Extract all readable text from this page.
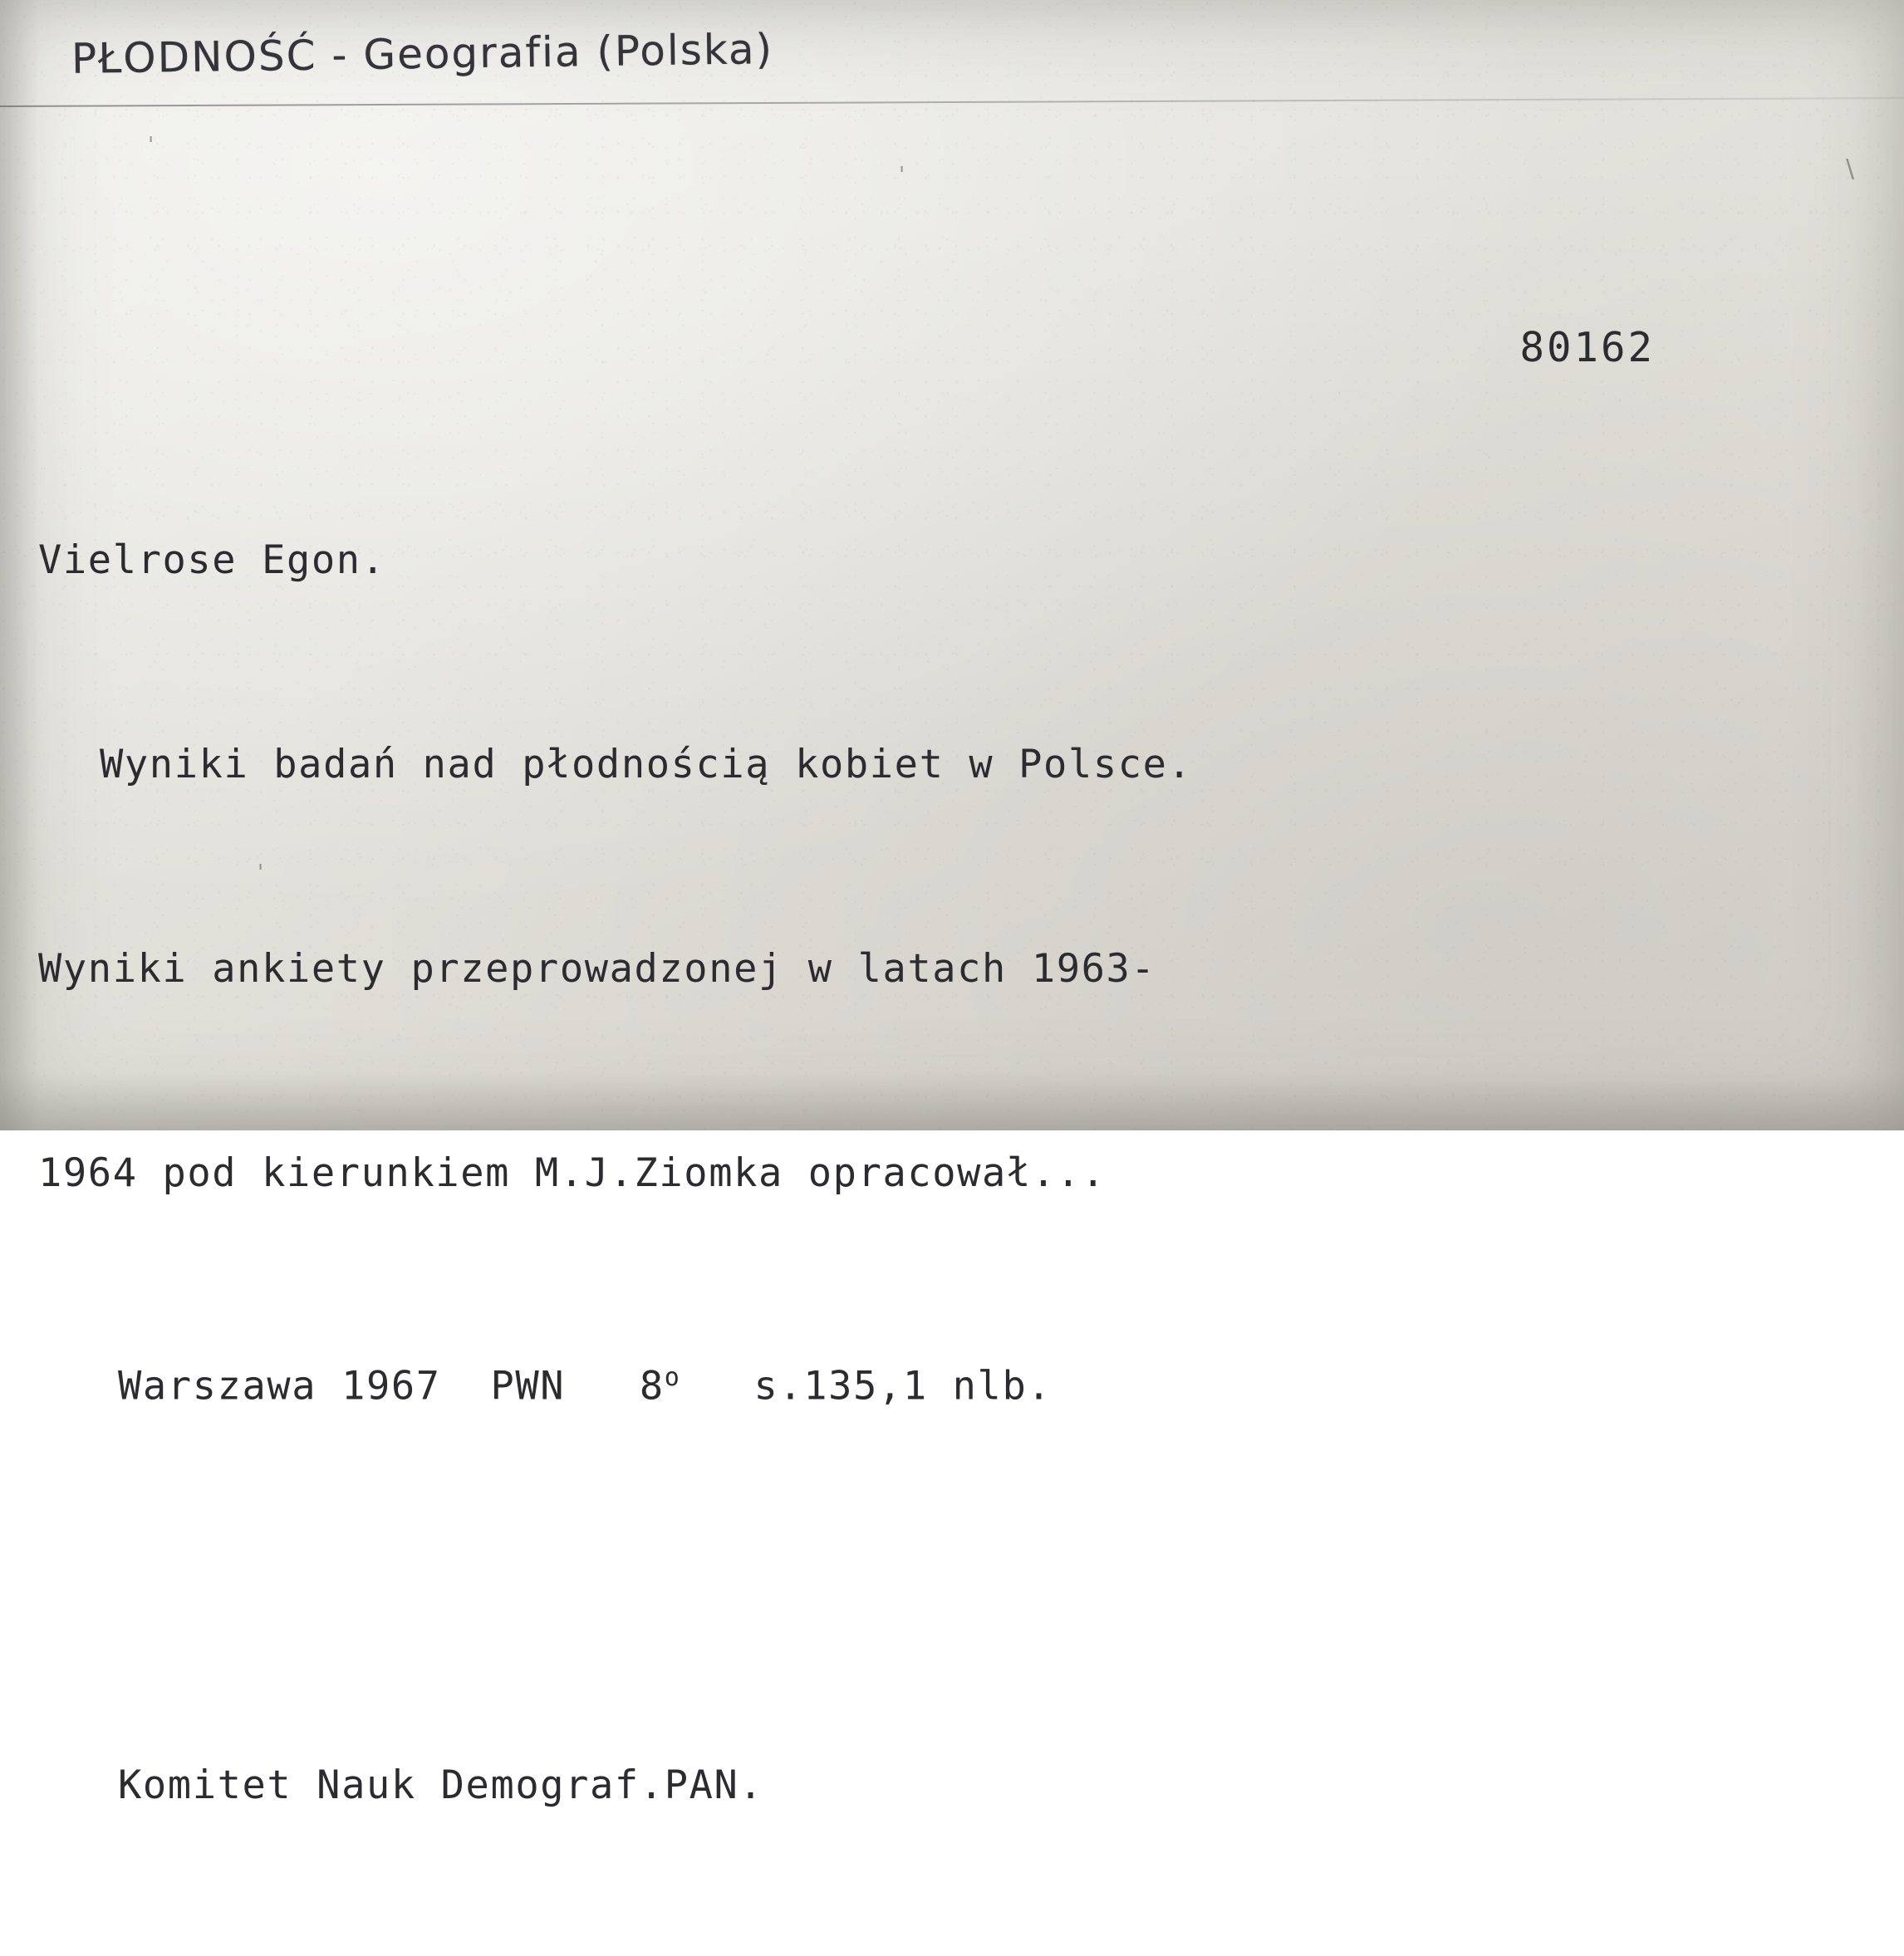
PŁODNOŚĆ - Geografia (Polska)
'
'	\
'
80162

Vielrose Egon.

Wyniki badań nad płodnością kobiet w Polsce.

Wyniki ankiety przeprowadzonej w latach 1963-

1964 pod kierunkiem M.J.Ziomka opracował...

Warszawa 1967  PWN   8$^o$   s.135,1 nlb.

Komitet Nauk Demograf.PAN.
